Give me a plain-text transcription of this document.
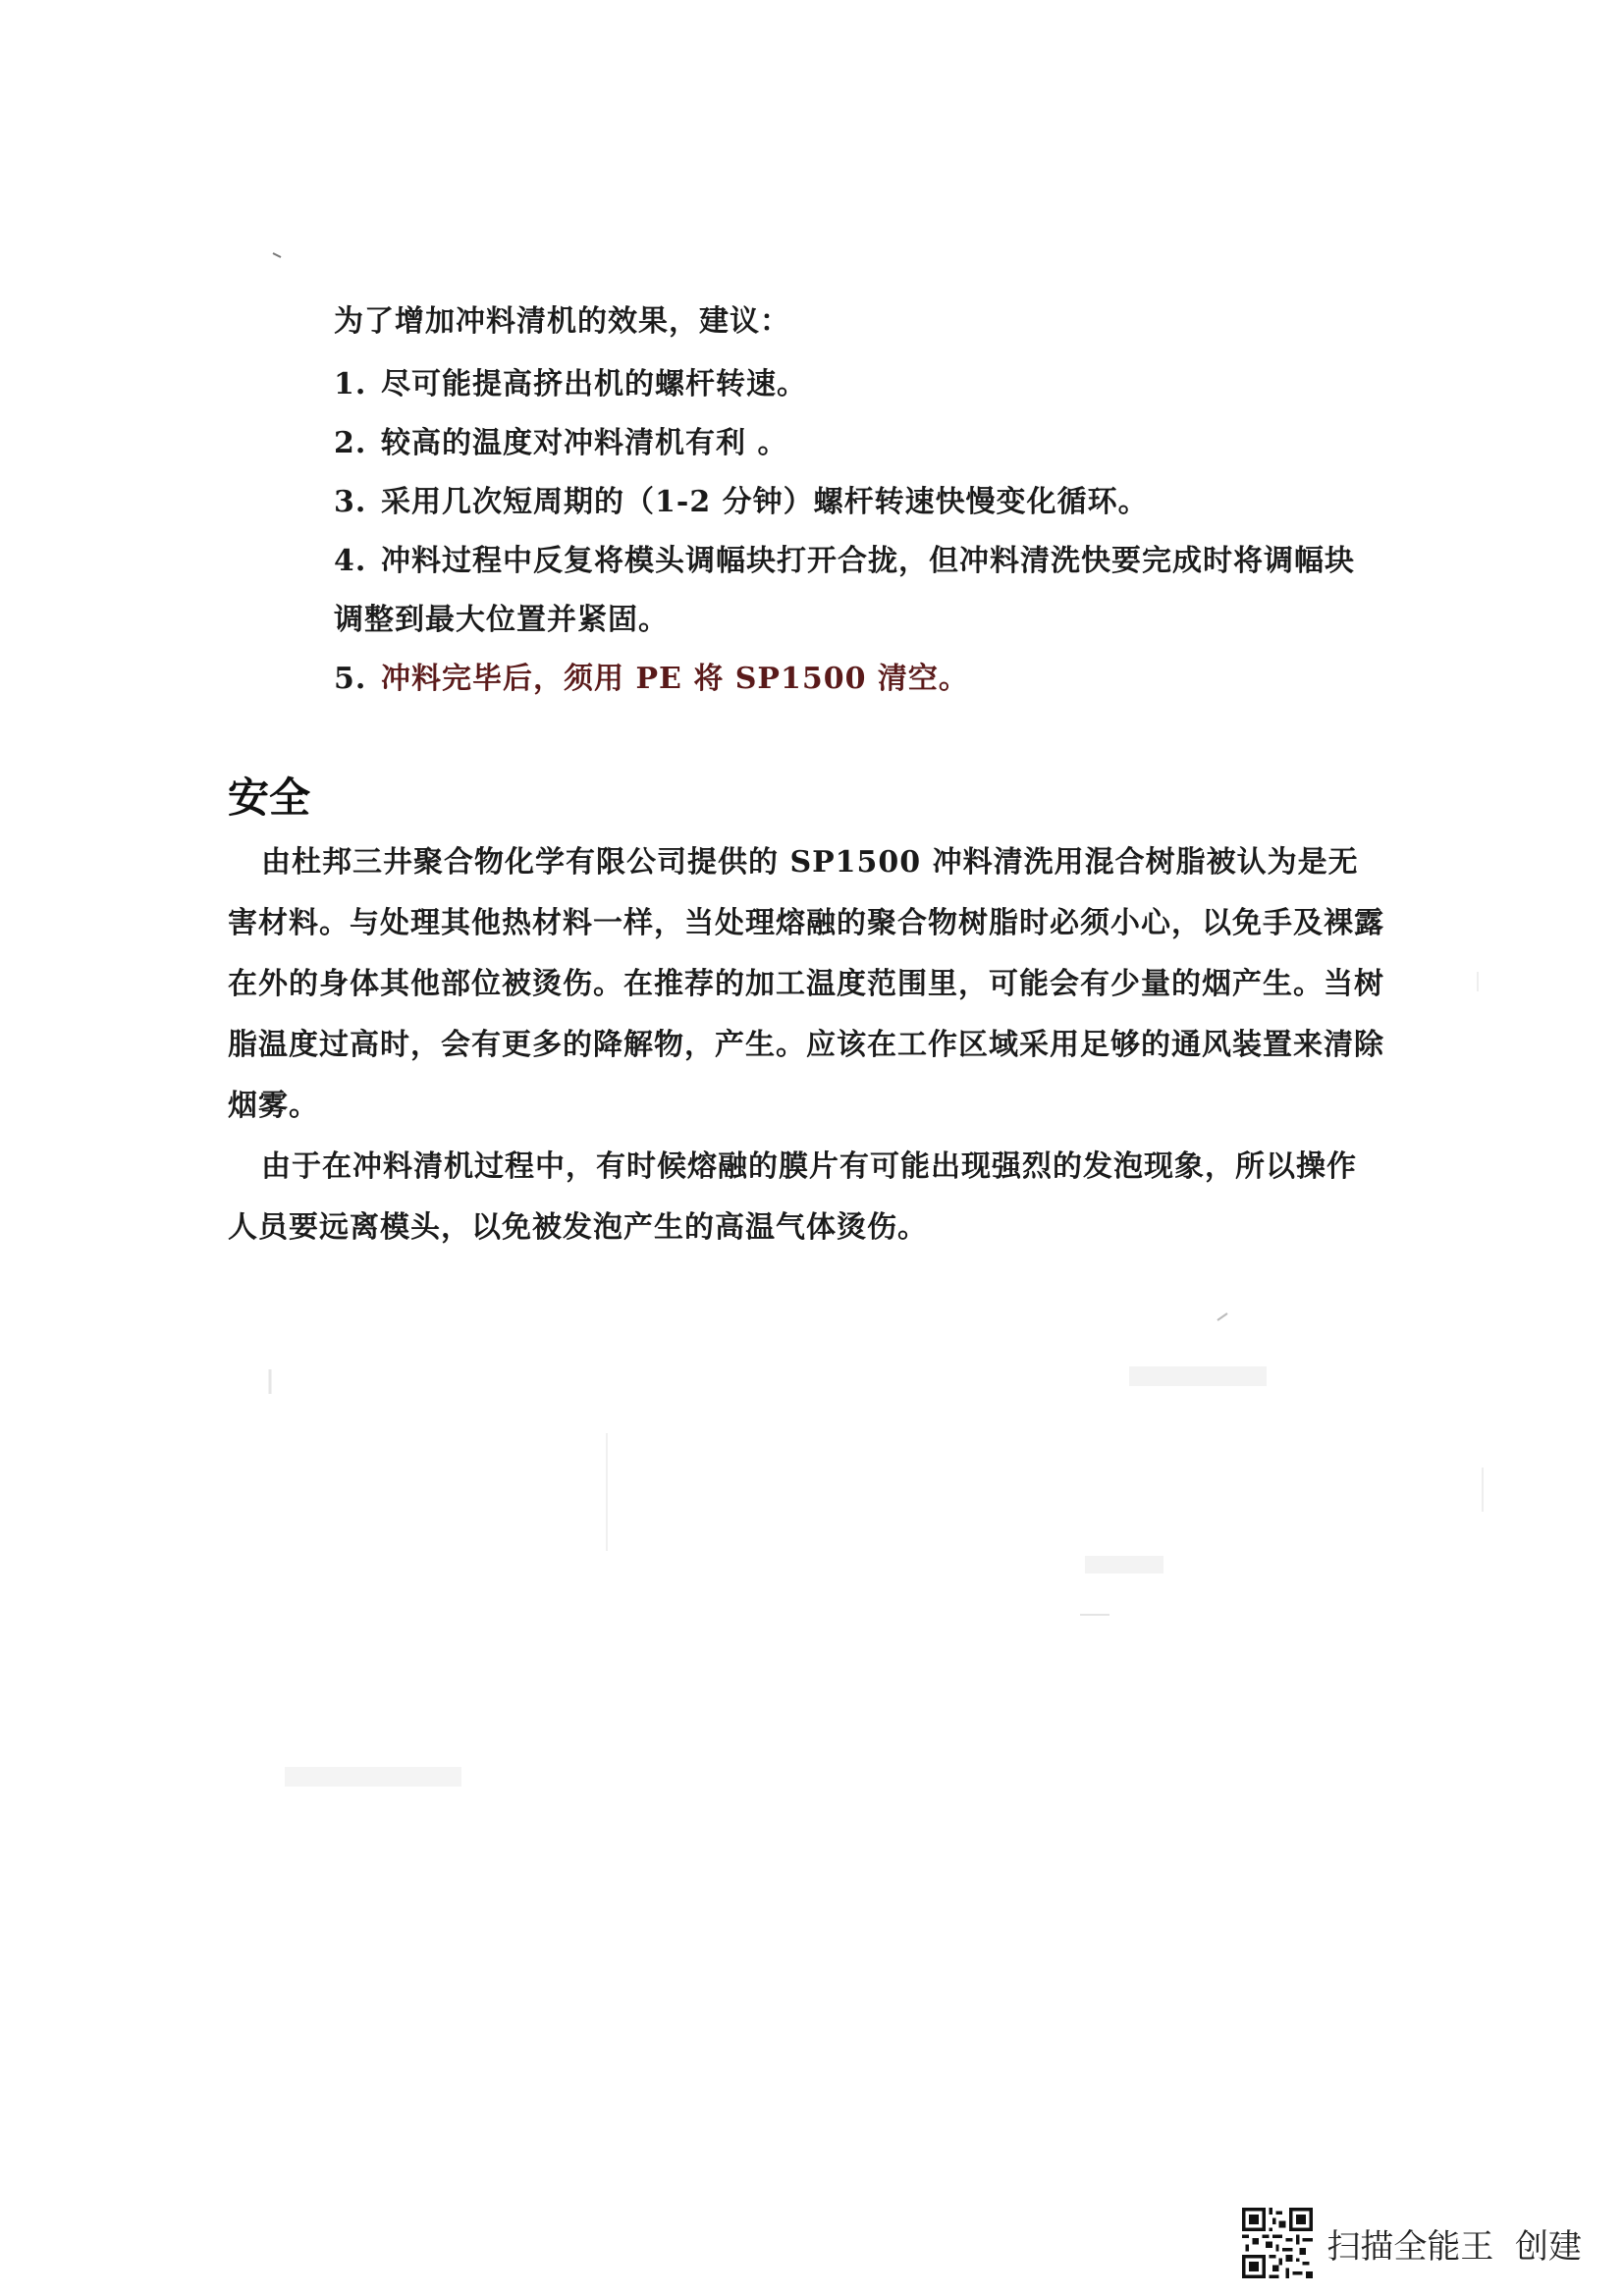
为了增加冲料清机的效果，建议：

1. 尽可能提高挤出机的螺杆转速。
2. 较高的温度对冲料清机有利 。
3. 采用几次短周期的（1-2 分钟）螺杆转速快慢变化循环。
4. 冲料过程中反复将模头调幅块打开合拢，但冲料清洗快要完成时将调幅块调整到最大位置并紧固。
5. 冲料完毕后，须用 PE 将 SP1500 清空。
安全

由杜邦三井聚合物化学有限公司提供的 SP1500 冲料清洗用混合树脂被认为是无害材料。与处理其他热材料一样，当处理熔融的聚合物树脂时必须小心，以免手及裸露在外的身体其他部位被烫伤。在推荐的加工温度范围里，可能会有少量的烟产生。当树脂温度过高时，会有更多的降解物，产生。应该在工作区域采用足够的通风装置来清除烟雾。

由于在冲料清机过程中，有时候熔融的膜片有可能出现强烈的发泡现象，所以操作人员要远离模头，以免被发泡产生的高温气体烫伤。

扫描全能王  创建
